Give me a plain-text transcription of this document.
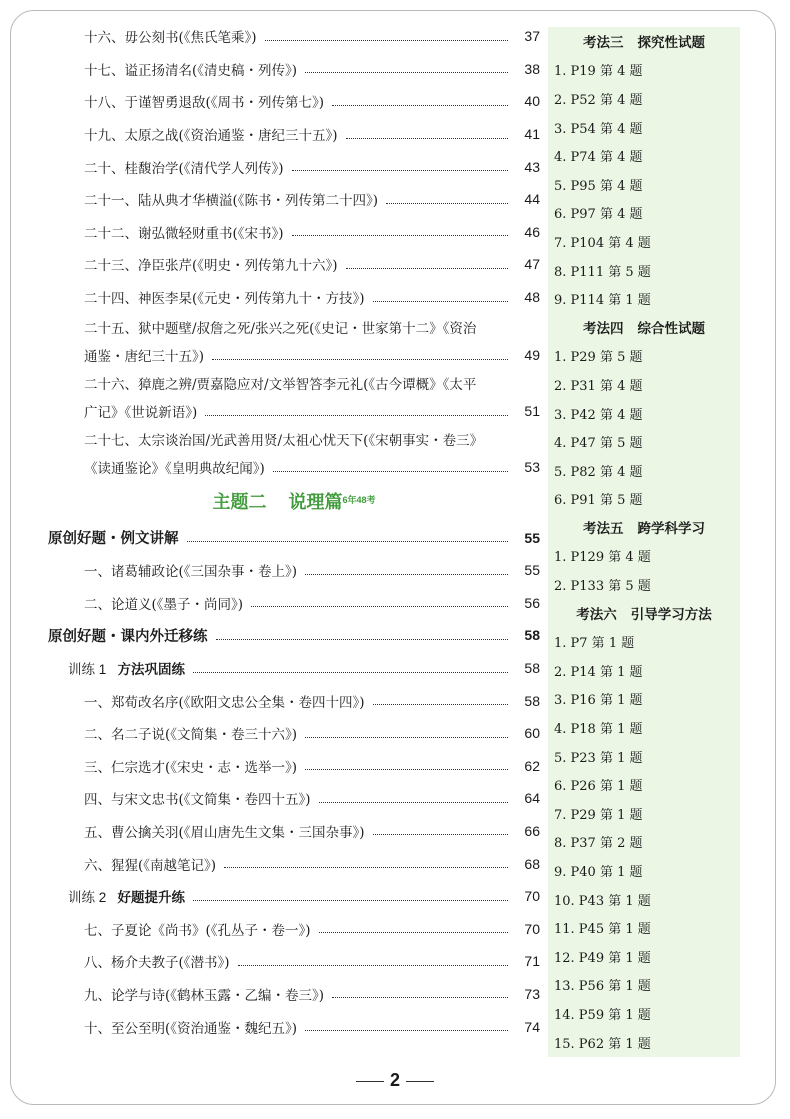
十六、毋公刻书(《焦氏笔乘》)	37
十七、谥正扬清名(《清史稿・列传》)	38
十八、于谨智勇退敌(《周书・列传第七》)	40
十九、太原之战(《资治通鉴・唐纪三十五》)	41
二十、桂馥治学(《清代学人列传》)	43
二十一、陆从典才华横溢(《陈书・列传第二十四》)	44
二十二、谢弘微轻财重书(《宋书》)	46
二十三、净臣张芹(《明史・列传第九十六》)	47
二十四、神医李杲(《元史・列传第九十・方技》)	48
二十五、狱中题壁/叔詹之死/张兴之死(《史记・世家第十二》《资治
通鉴・唐纪三十五》)	49
二十六、獐鹿之辨/贾嘉隐应对/文举智答李元礼(《古今谭概》《太平
广记》《世说新语》)	51
二十七、太宗谈治国/光武善用贤/太祖心忧天下(《宋朝事实・卷三》
《读通鉴论》《皇明典故纪闻》)	53
主题二 说理篇$^{6年48考}$
原创好题・例文讲解	55
一、诸葛辅政论(《三国杂事・卷上》)	55
二、论道义(《墨子・尚同》)	56
原创好题・课内外迁移练	58
训练 1 方法巩固练	58
一、郑荀改名序(《欧阳文忠公全集・卷四十四》)	58
二、名二子说(《文简集・卷三十六》)	60
三、仁宗选才(《宋史・志・选举一》)	62
四、与宋文忠书(《文简集・卷四十五》)	64
五、曹公擒关羽(《眉山唐先生文集・三国杂事》)	66
六、猩猩(《南越笔记》)	68
训练 2 好题提升练	70
七、子夏论《尚书》(《孔丛子・卷一》)	70
八、杨介夫教子(《潜书》)	71
九、论学与诗(《鹤林玉露・乙编・卷三》)	73
十、至公至明(《资治通鉴・魏纪五》)	74
考法三 探究性试题
1. P19 第 4 题
2. P52 第 4 题
3. P54 第 4 题
4. P74 第 4 题
5. P95 第 4 题
6. P97 第 4 题
7. P104 第 4 题
8. P111 第 5 题
9. P114 第 1 题
考法四 综合性试题
1. P29 第 5 题
2. P31 第 4 题
3. P42 第 4 题
4. P47 第 5 题
5. P82 第 4 题
6. P91 第 5 题
考法五 跨学科学习
1. P129 第 4 题
2. P133 第 5 题
考法六 引导学习方法
1. P7 第 1 题
2. P14 第 1 题
3. P16 第 1 题
4. P18 第 1 题
5. P23 第 1 题
6. P26 第 1 题
7. P29 第 1 题
8. P37 第 2 题
9. P40 第 1 题
10. P43 第 1 题
11. P45 第 1 题
12. P49 第 1 题
13. P56 第 1 题
14. P59 第 1 题
15. P62 第 1 题
2
